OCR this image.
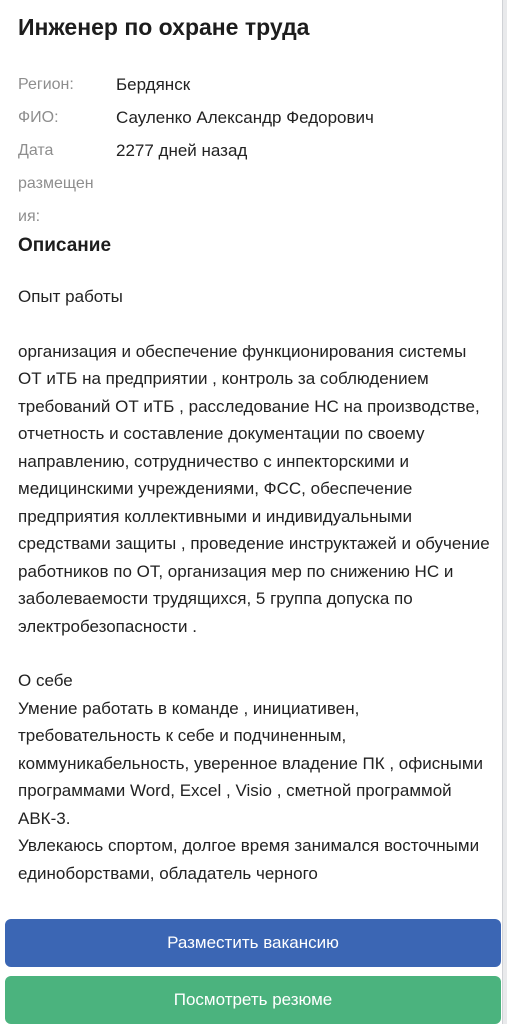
Инженер по охране труда
Регион:	Бердянск
ФИО:	Сауленко Александр Федорович
Дата
размещен
ия:
2277 дней назад
Описание

Опыт работы

организация и обеспечение функционирования системы ОТ иТБ на предприятии , контроль за соблюдением требований ОТ иТБ , расследование НС на производстве, отчетность и составление документации по своему направлению, сотрудничество с инпекторскими и медицинскими учреждениями, ФСС, обеспечение предприятия коллективными и индивидуальными средствами защиты , проведение инструктажей и обучение работников по ОТ, организация мер по снижению НС и заболеваемости трудящихся, 5 группа допуска по электробезопасности .

О себе

Умение работать в команде , инициативен, требовательность к себе и подчиненным, коммуникабельность, уверенное владение ПК , офисными программами Word, Excel , Visio , сметной программой АВК-3.

Увлекаюсь спортом, долгое время занимался восточными единоборствами, обладатель черного

Разместить вакансию
Посмотреть резюме
